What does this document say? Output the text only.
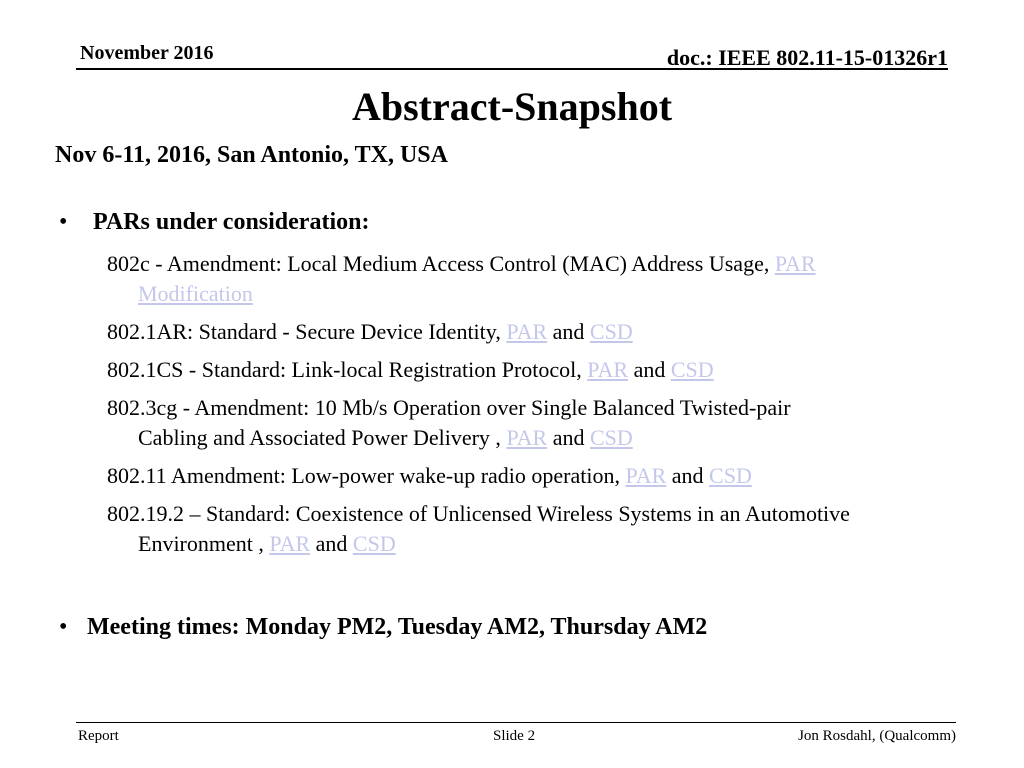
November 2016	doc.: IEEE 802.11-15-01326r1
Abstract-Snapshot
Nov 6-11, 2016, San Antonio, TX, USA
• PARs under consideration:
802c - Amendment: Local Medium Access Control (MAC) Address Usage, PAR
Modification
802.1AR: Standard - Secure Device Identity, PAR and CSD
802.1CS - Standard: Link-local Registration Protocol, PAR and CSD
802.3cg - Amendment: 10 Mb/s Operation over Single Balanced Twisted-pair
Cabling and Associated Power Delivery , PAR and CSD
802.11 Amendment: Low-power wake-up radio operation, PAR and CSD
802.19.2 – Standard: Coexistence of Unlicensed Wireless Systems in an Automotive
Environment , PAR and CSD
• Meeting times: Monday PM2, Tuesday AM2, Thursday AM2
Report	Slide 2	Jon Rosdahl, (Qualcomm)
